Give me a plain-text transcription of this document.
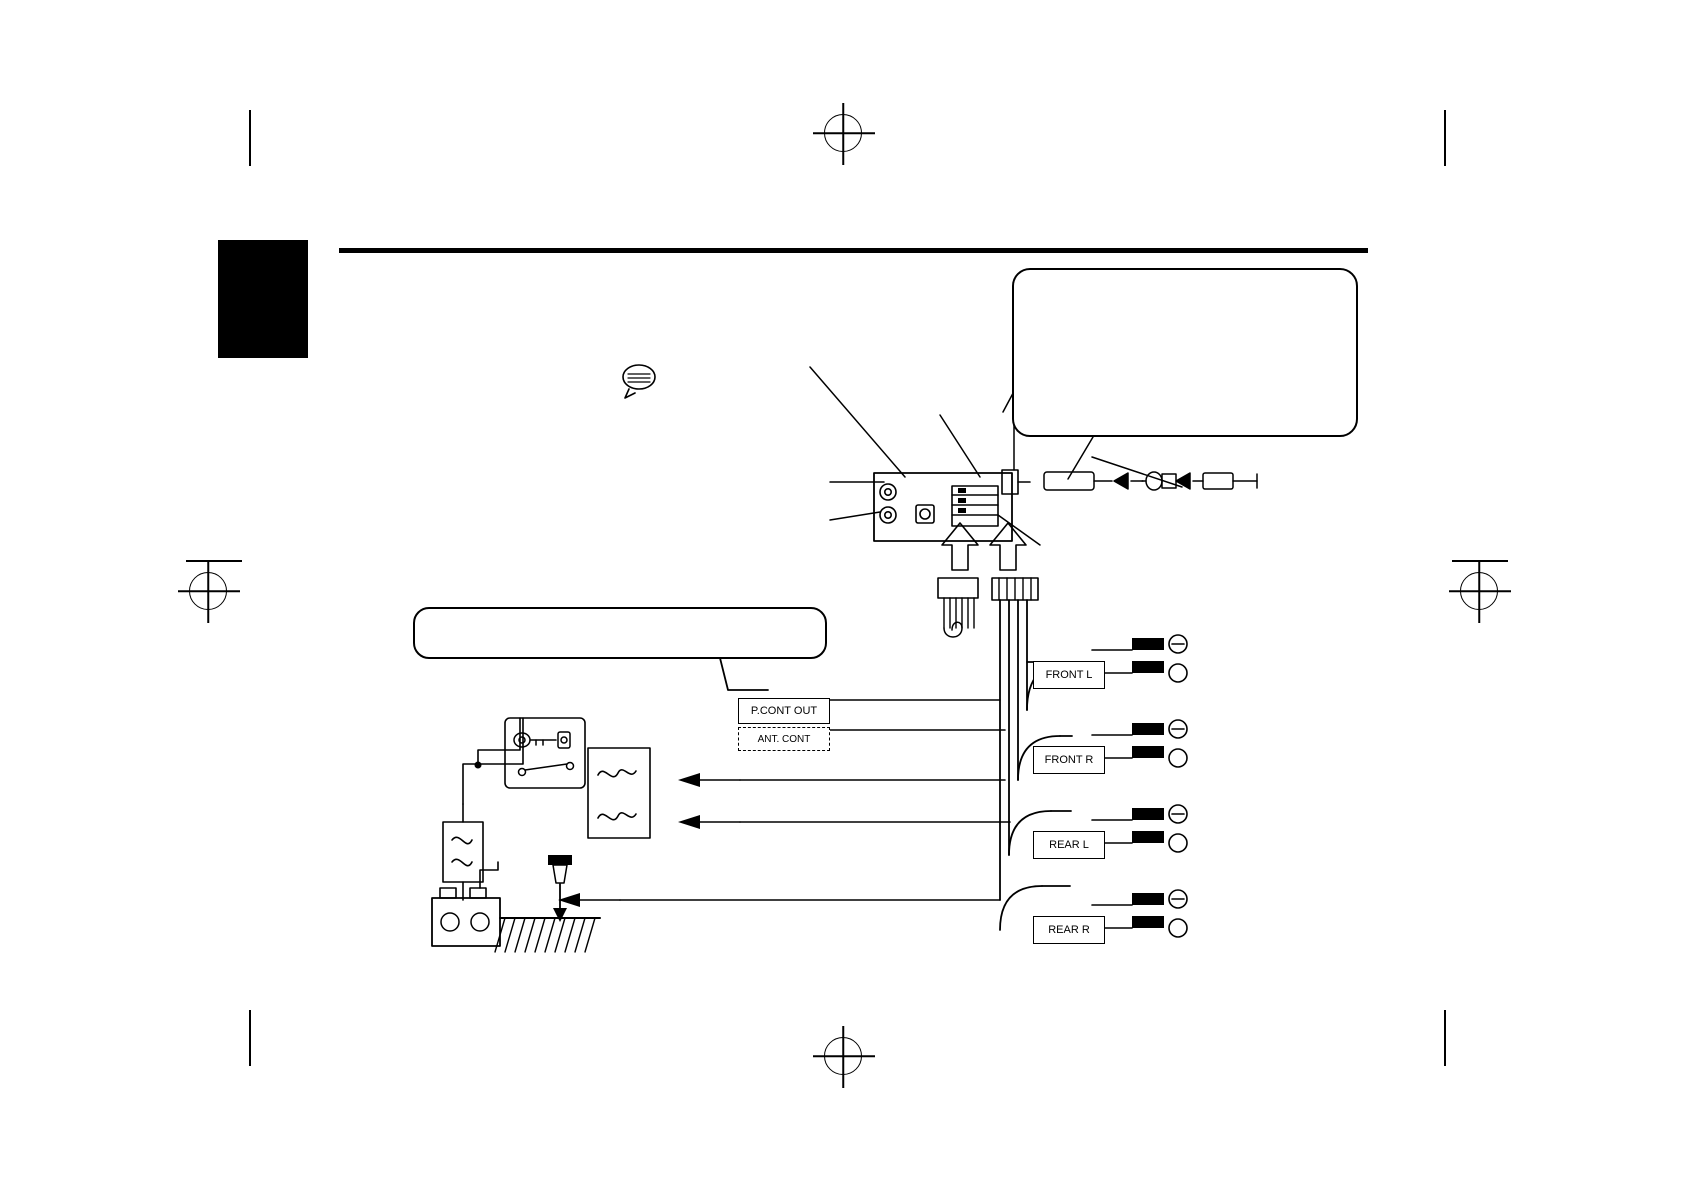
P.CONT OUT
ANT. CONT
FRONT L
FRONT R
REAR L
REAR R
